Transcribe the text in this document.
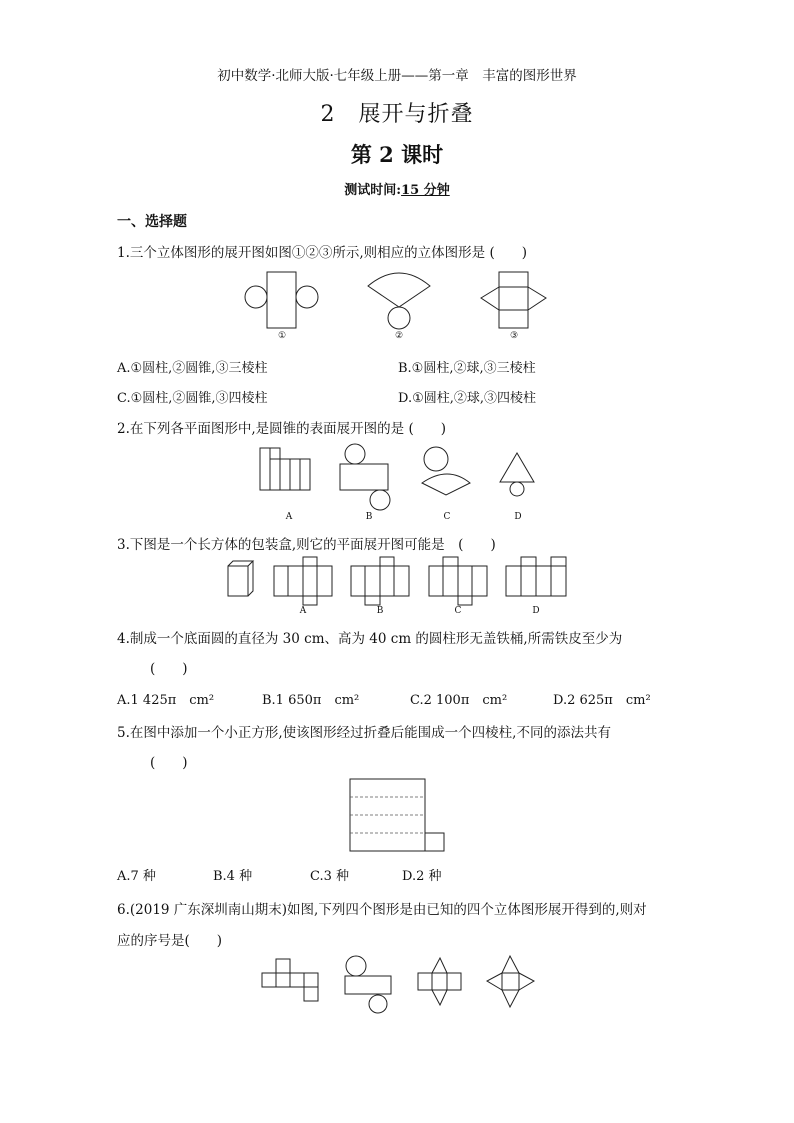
初中数学·北师大版·七年级上册——第一章　丰富的图形世界
2　展开与折叠
第 2 课时
测试时间:15 分钟
一、选择题
1.三个立体图形的展开图如图①②③所示,则相应的立体图形是 (　　)
①	②	③
A.①圆柱,②圆锥,③三棱柱	B.①圆柱,②球,③三棱柱
C.①圆柱,②圆锥,③四棱柱	D.①圆柱,②球,③四棱柱
2.在下列各平面图形中,是圆锥的表面展开图的是 (　　)
A	B	C	D
3.下图是一个长方体的包装盒,则它的平面展开图可能是　(　　)
A	B	C	D
4.制成一个底面圆的直径为 30 cm、高为 40 cm 的圆柱形无盖铁桶,所需铁皮至少为
(　　)
A.1 425π　cm²	B.1 650π　cm²	C.2 100π　cm²	D.2 625π　cm²
5.在图中添加一个小正方形,使该图形经过折叠后能围成一个四棱柱,不同的添法共有
(　　)
A.7 种	B.4 种	C.3 种	D.2 种
6.(2019 广东深圳南山期末)如图,下列四个图形是由已知的四个立体图形展开得到的,则对
应的序号是(　　)
